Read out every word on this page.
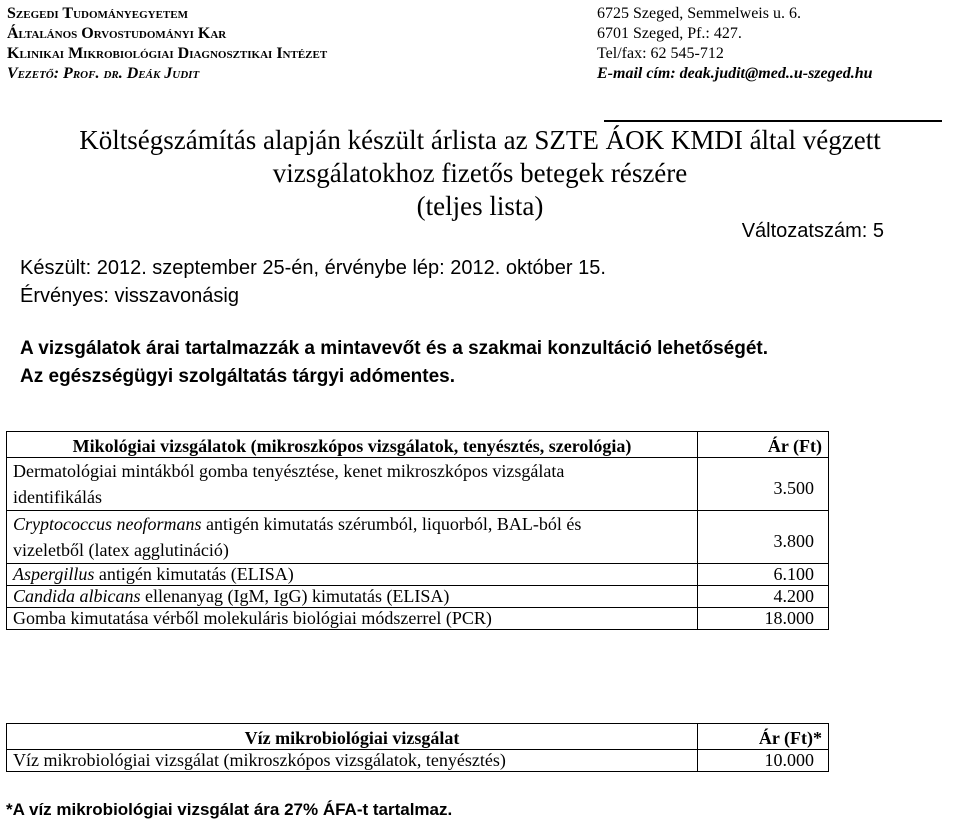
Szegedi Tudományegyetem
Általános Orvostudományi Kar
Klinikai Mikrobiológiai Diagnosztikai Intézet
Vezető: Prof. dr. Deák Judit
6725 Szeged, Semmelweis u. 6.
6701 Szeged, Pf.: 427.
Tel/fax: 62 545-712
E-mail cím: deak.judit@med..u-szeged.hu
Költségszámítás alapján készült árlista az SZTE ÁOK KMDI által végzett
vizsgálatokhoz fizetős betegek részére
(teljes lista)
Változatszám: 5
Készült: 2012. szeptember 25-én, érvénybe lép: 2012. október 15.
Érvényes: visszavonásig
A vizsgálatok árai tartalmazzák a mintavevőt és a szakmai konzultáció lehetőségét.
Az egészségügyi szolgáltatás tárgyi adómentes.
Mikológiai vizsgálatok (mikroszkópos vizsgálatok, tenyésztés, szerológia)	Ár (Ft)
Dermatológiai mintákból gomba tenyésztése, kenet mikroszkópos vizsgálata
identifikálás	3.500

Cryptococcus neoformans antigén kimutatás szérumból, liquorból, BAL-ból és
vizeletből (latex agglutináció)	3.800

Aspergillus antigén kimutatás (ELISA)	6.100
Candida albicans ellenanyag (IgM, IgG) kimutatás (ELISA)	4.200
Gomba kimutatása vérből molekuláris biológiai módszerrel (PCR)	18.000
Víz mikrobiológiai vizsgálat	Ár (Ft)*
Víz mikrobiológiai vizsgálat (mikroszkópos vizsgálatok, tenyésztés)	10.000
*A víz mikrobiológiai vizsgálat ára 27% ÁFA-t tartalmaz.
